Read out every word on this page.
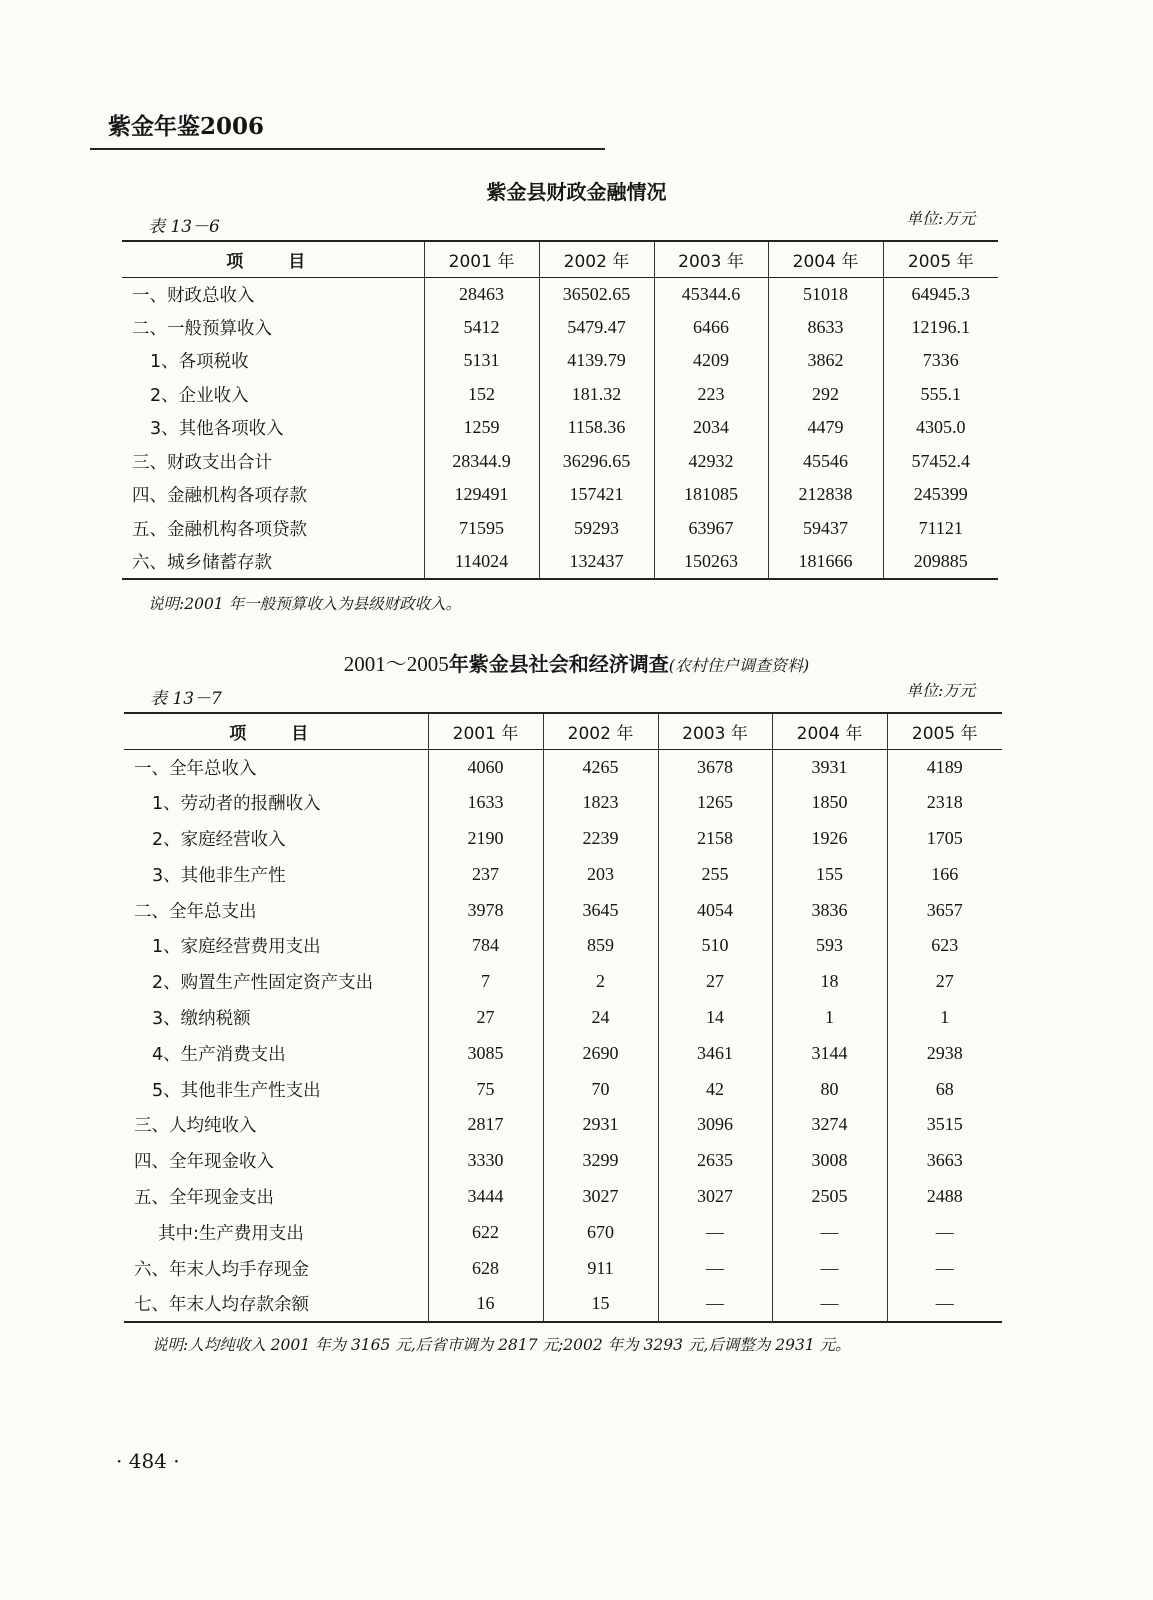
紫金年鉴2006
紫金县财政金融情况
表 13－6	单位:万元
项　目	2001 年	2002 年	2003 年	2004 年	2005 年
一、财政总收入	28463	36502.65	45344.6	51018	64945.3
二、一般预算收入	5412	5479.47	6466	8633	12196.1
1、各项税收	5131	4139.79	4209	3862	7336
2、企业收入	152	181.32	223	292	555.1
3、其他各项收入	1259	1158.36	2034	4479	4305.0
三、财政支出合计	28344.9	36296.65	42932	45546	57452.4
四、金融机构各项存款	129491	157421	181085	212838	245399
五、金融机构各项贷款	71595	59293	63967	59437	71121
六、城乡储蓄存款	114024	132437	150263	181666	209885
说明:2001 年一般预算收入为县级财政收入。
2001～2005年紫金县社会和经济调查(农村住户调查资料)
表 13－7	单位:万元
项　目	2001 年	2002 年	2003 年	2004 年	2005 年
一、全年总收入	4060	4265	3678	3931	4189
1、劳动者的报酬收入	1633	1823	1265	1850	2318
2、家庭经营收入	2190	2239	2158	1926	1705
3、其他非生产性	237	203	255	155	166
二、全年总支出	3978	3645	4054	3836	3657
1、家庭经营费用支出	784	859	510	593	623
2、购置生产性固定资产支出	7	2	27	18	27
3、缴纳税额	27	24	14	1	1
4、生产消费支出	3085	2690	3461	3144	2938
5、其他非生产性支出	75	70	42	80	68
三、人均纯收入	2817	2931	3096	3274	3515
四、全年现金收入	3330	3299	2635	3008	3663
五、全年现金支出	3444	3027	3027	2505	2488
其中:生产费用支出	622	670	—	—	—
六、年末人均手存现金	628	911	—	—	—
七、年末人均存款余额	16	15	—	—	—
说明:人均纯收入 2001 年为 3165 元,后省市调为 2817 元;2002 年为 3293 元,后调整为 2931 元。
· 484 ·
